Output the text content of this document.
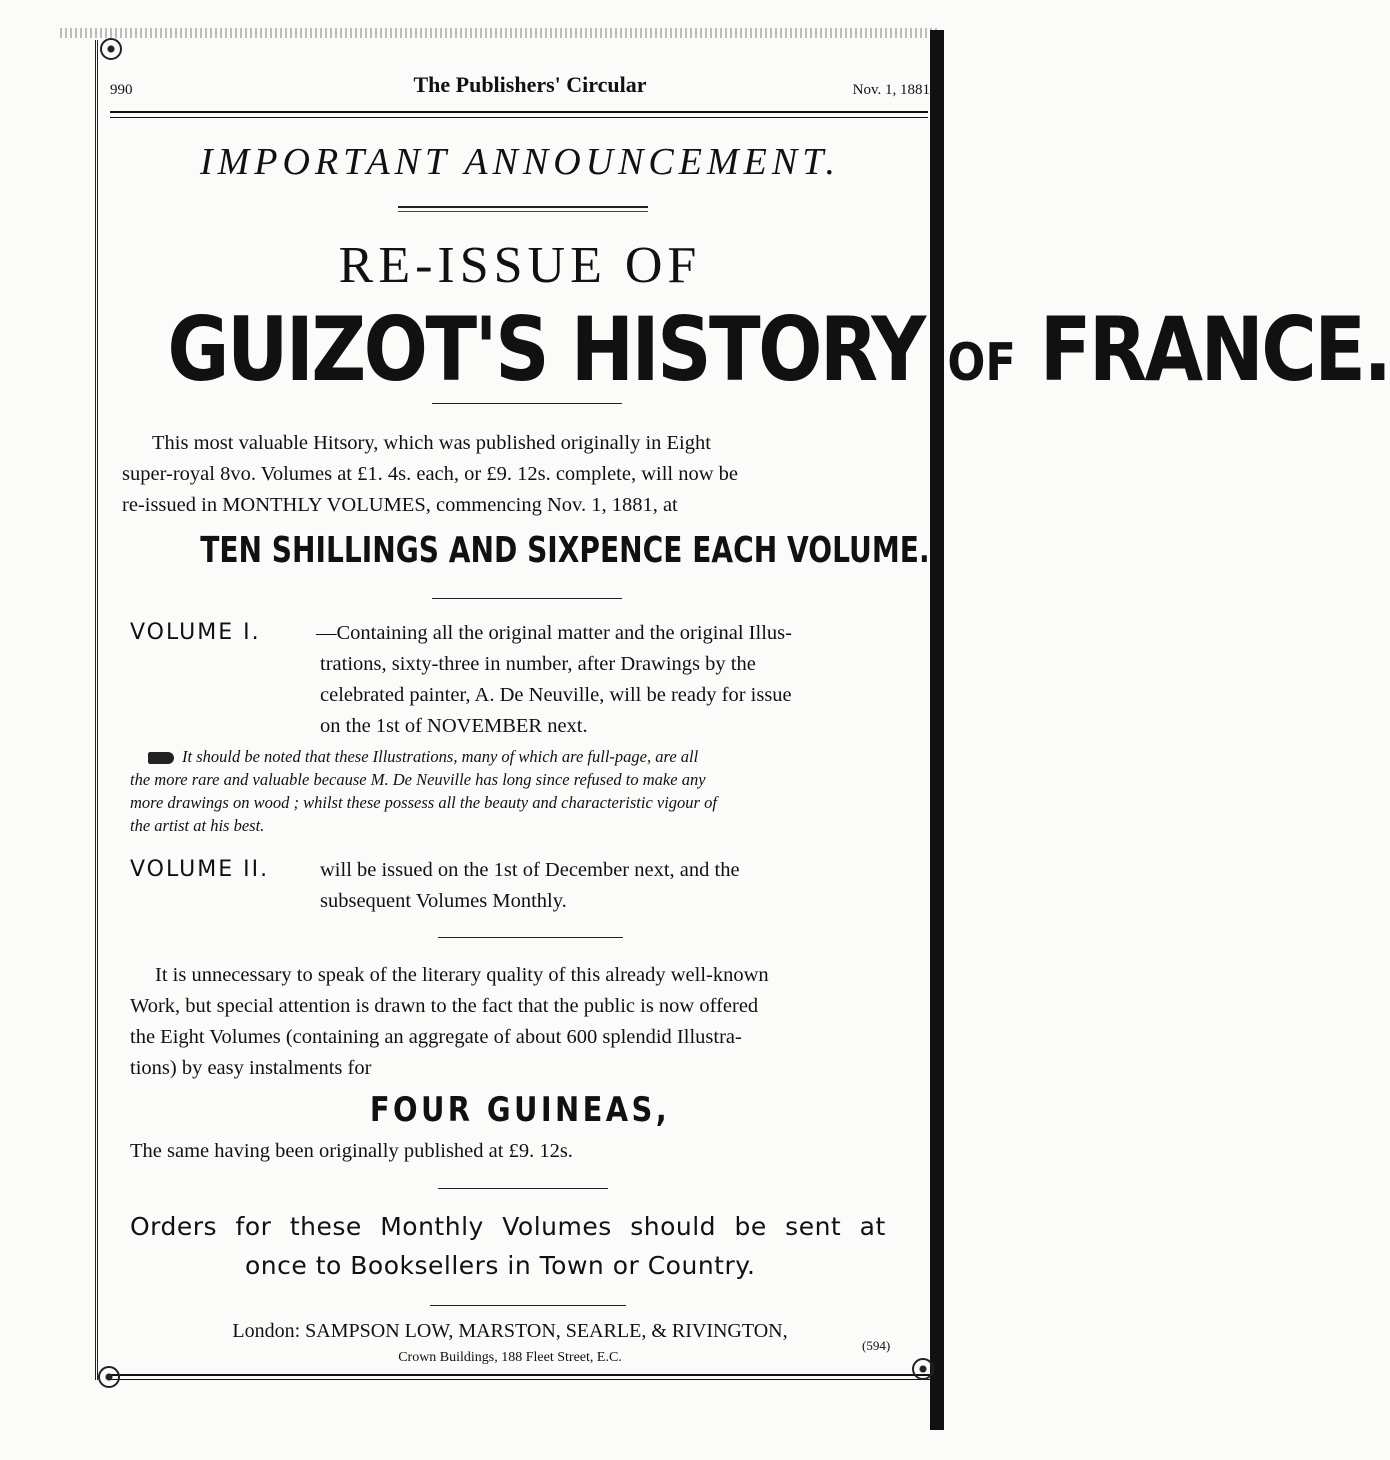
990	The Publishers' Circular	Nov. 1, 1881
IMPORTANT ANNOUNCEMENT.
RE-ISSUE OF
GUIZOT'S HISTORY OF FRANCE.
This most valuable Hitsory, which was published originally in Eight
super-royal 8vo. Volumes at £1. 4s. each, or £9. 12s. complete, will now be
re-issued in MONTHLY VOLUMES, commencing Nov. 1, 1881, at
TEN SHILLINGS AND SIXPENCE EACH VOLUME.
VOLUME I.	—Containing all the original matter and the original Illus-
trations, sixty-three in number, after Drawings by the
celebrated painter, A. De Neuville, will be ready for issue
on the 1st of NOVEMBER next.
It should be noted that these Illustrations, many of which are full-page, are all
the more rare and valuable because M. De Neuville has long since refused to make any
more drawings on wood ; whilst these possess all the beauty and characteristic vigour of
the artist at his best.
VOLUME II. will be issued on the 1st of December next, and the
subsequent Volumes Monthly.
It is unnecessary to speak of the literary quality of this already well-known
Work, but special attention is drawn to the fact that the public is now offered
the Eight Volumes (containing an aggregate of about 600 splendid Illustra-
tions) by easy instalments for
FOUR GUINEAS,
The same having been originally published at £9. 12s.
Orders for these Monthly Volumes should be sent at
once to Booksellers in Town or Country.
London: SAMPSON LOW, MARSTON, SEARLE, & RIVINGTON,
Crown Buildings, 188 Fleet Street, E.C.
(594)
